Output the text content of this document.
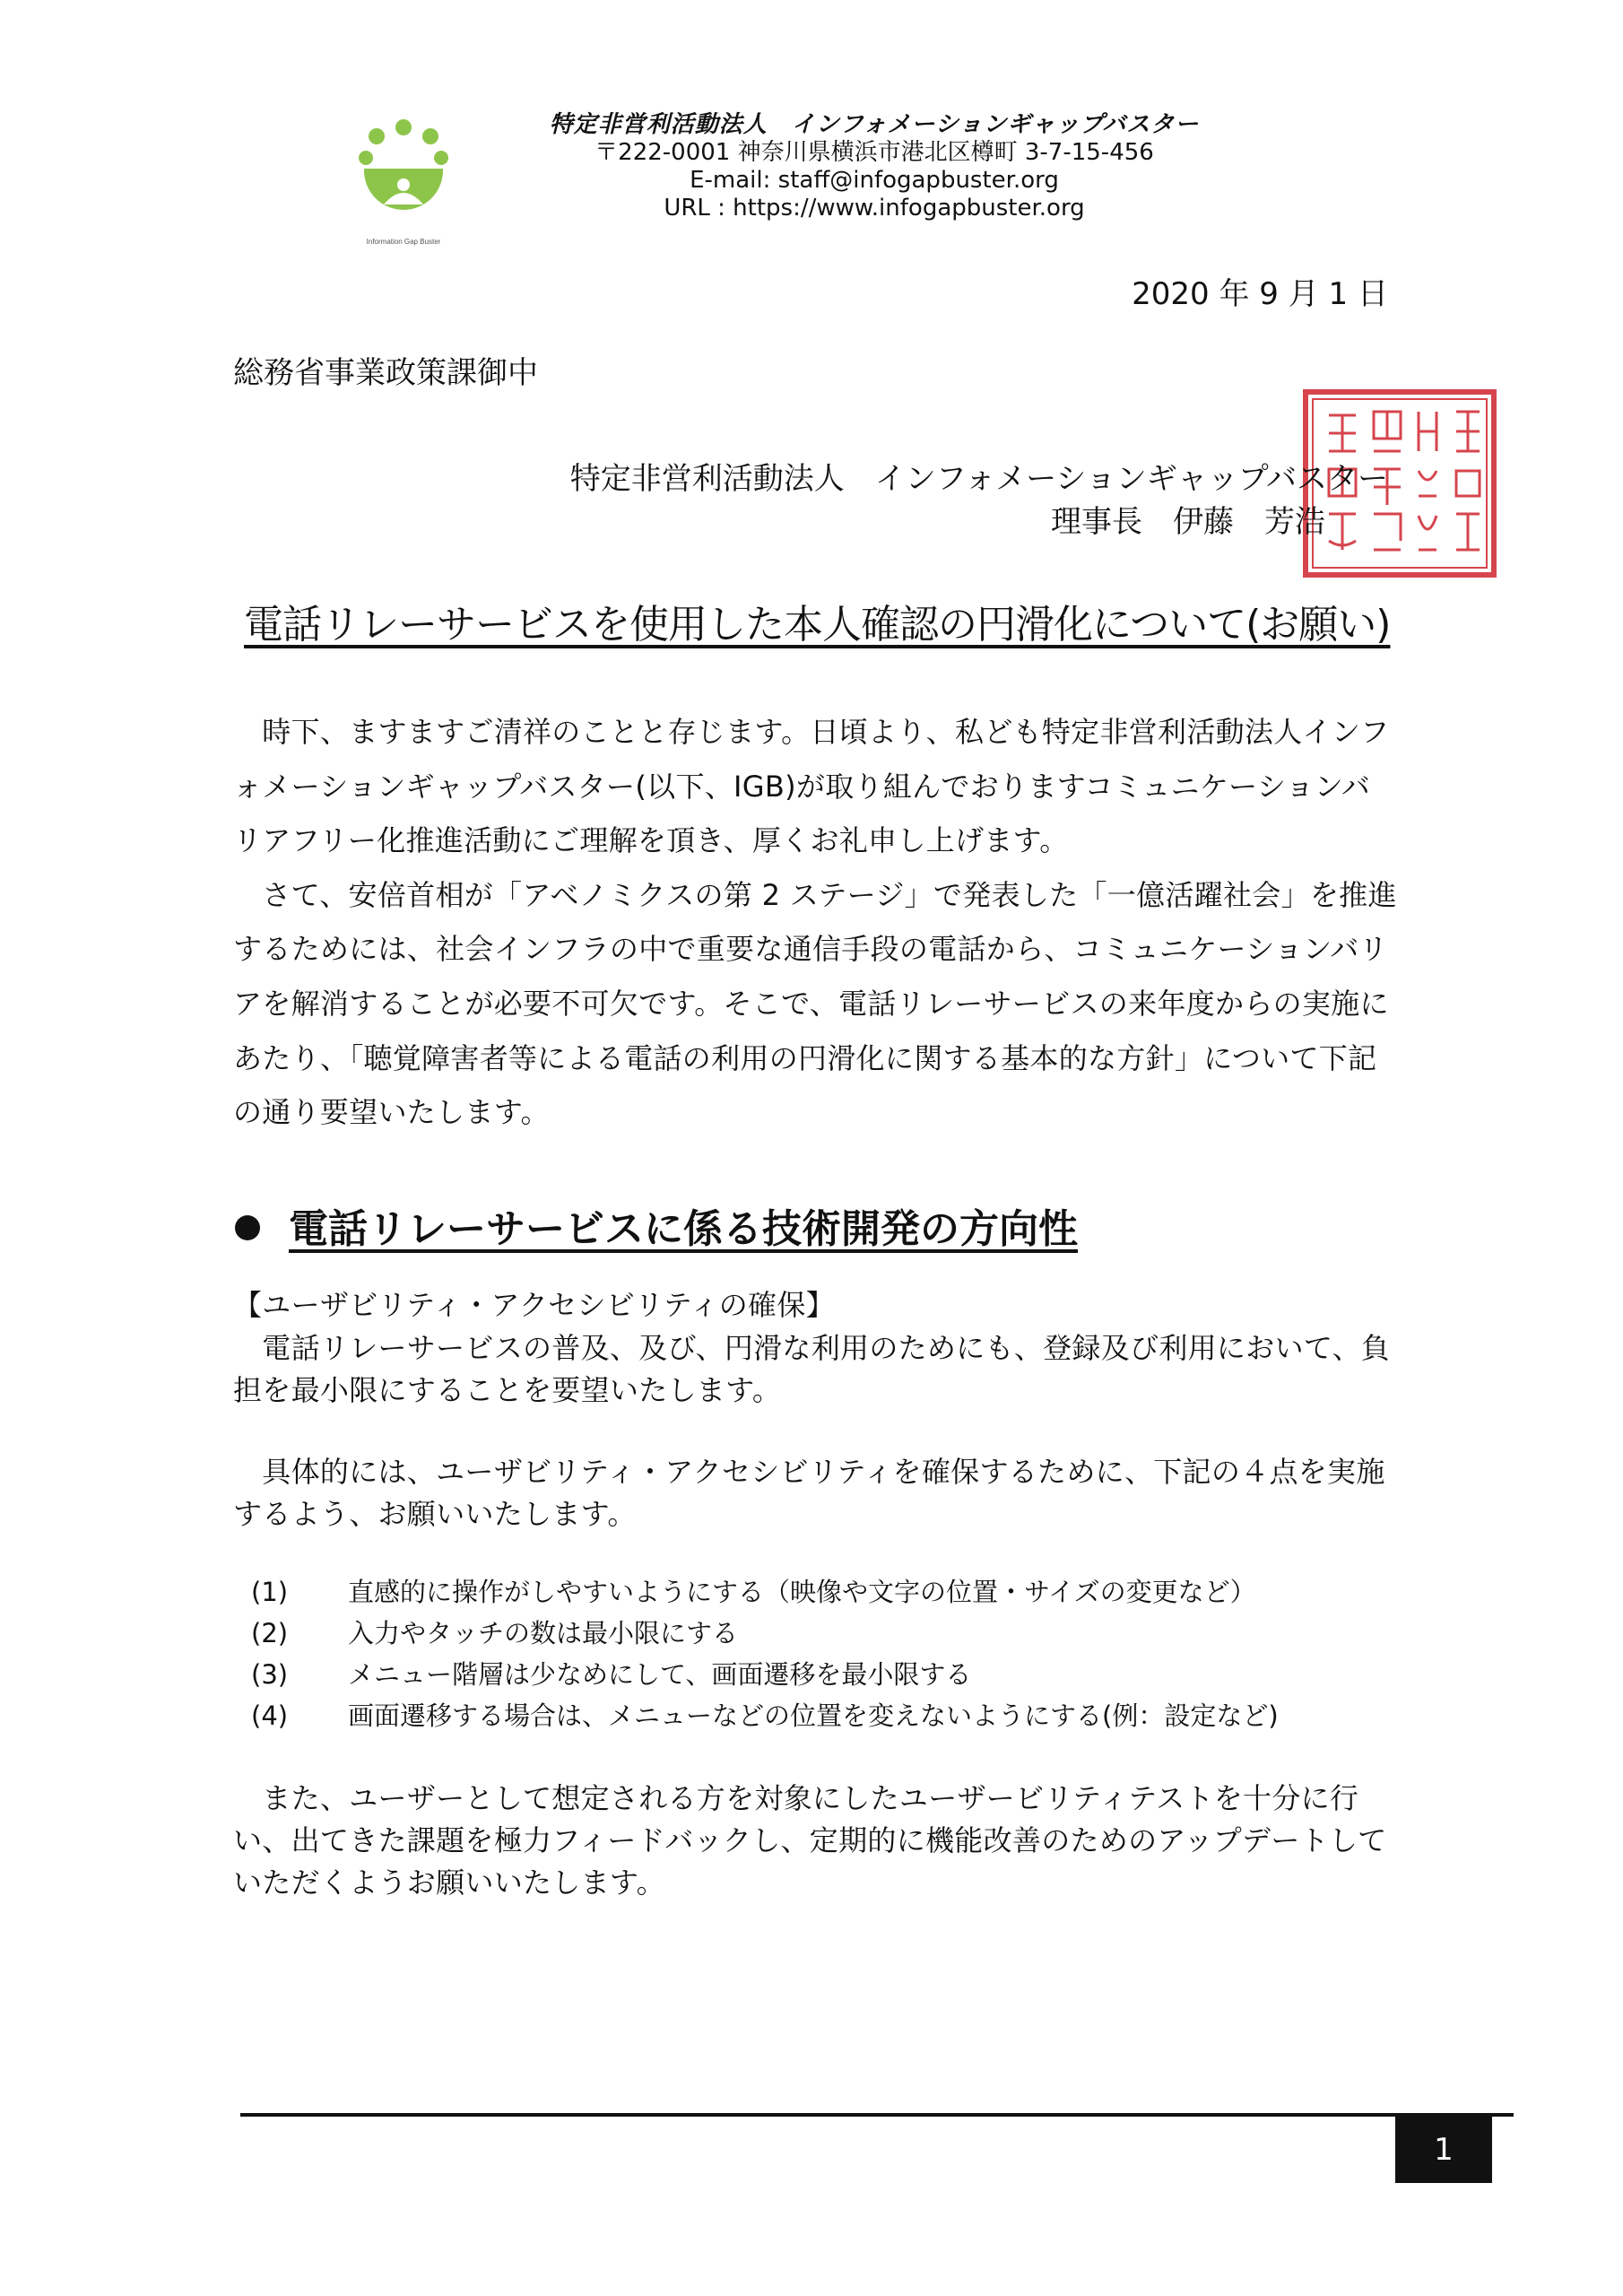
Information Gap Buster
特定非営利活動法人　インフォメーションギャップバスター
〒222-0001 神奈川県横浜市港北区樽町 3-7-15-456
E-mail: staff@infogapbuster.org
URL : https://www.infogapbuster.org
2020 年 9 月 1 日
総務省事業政策課御中
特定非営利活動法人　インフォメーションギャップバスター
理事長　伊藤　芳浩
電話リレーサービスを使用した本人確認の円滑化について(お願い)

　時下、ますますご清祥のことと存じます。日頃より、私ども特定非営利活動法人インフォメーションギャップバスター(以下、IGB)が取り組んでおりますコミュニケーションバリアフリー化推進活動にご理解を頂き、厚くお礼申し上げます。

　さて、安倍首相が「アベノミクスの第 2 ステージ」で発表した「一億活躍社会」を推進するためには、社会インフラの中で重要な通信手段の電話から、コミュニケーションバリアを解消することが必要不可欠です。そこで、電話リレーサービスの来年度からの実施にあたり、「聴覚障害者等による電話の利用の円滑化に関する基本的な方針」について下記の通り要望いたします。

電話リレーサービスに係る技術開発の方向性
【ユーザビリティ・アクセシビリティの確保】
　電話リレーサービスの普及、及び、円滑な利用のためにも、登録及び利用において、負担を最小限にすることを要望いたします。
　具体的には、ユーザビリティ・アクセシビリティを確保するために、下記の４点を実施するよう、お願いいたします。
(1)	直感的に操作がしやすいようにする（映像や文字の位置・サイズの変更など）
(2)	入力やタッチの数は最小限にする
(3)	メニュー階層は少なめにして、画面遷移を最小限する
(4)	画面遷移する場合は、メニューなどの位置を変えないようにする(例：設定など)
　また、ユーザーとして想定される方を対象にしたユーザービリティテストを十分に行い、出てきた課題を極力フィードバックし、定期的に機能改善のためのアップデートしていただくようお願いいたします。
1
